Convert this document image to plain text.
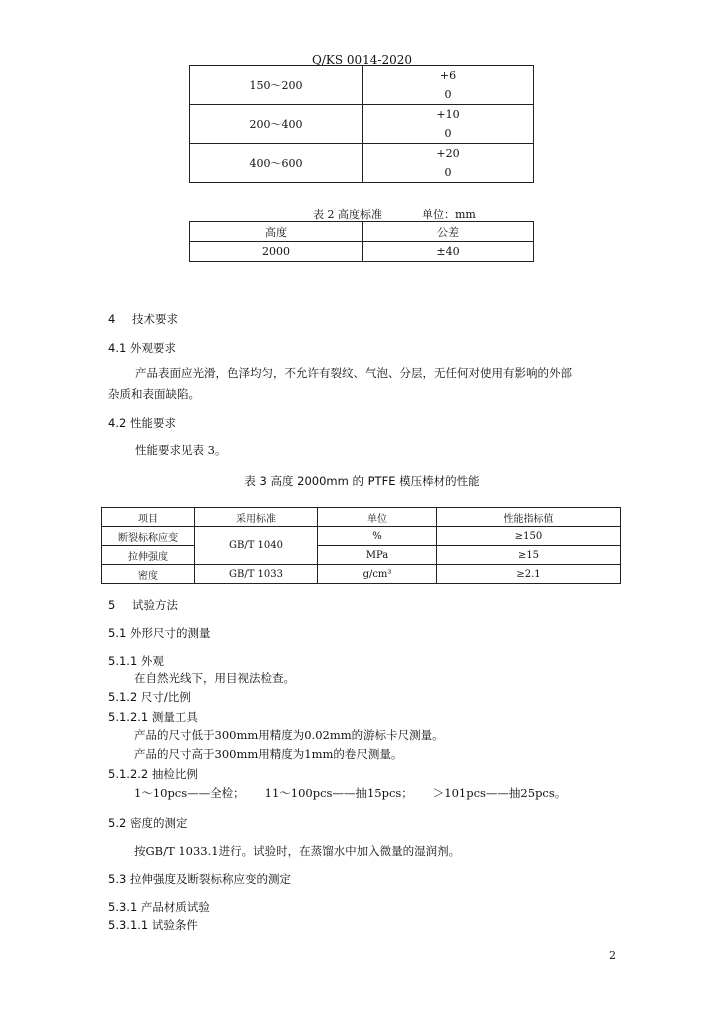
Q/KS 0014-2020
150～200	+6
0

200～400	+10
0

400～600	+20
0
表 2 高度标准	单位：mm
高度	公差
2000	±40
4 技术要求
4.1 外观要求
产品表面应光滑，色泽均匀，不允许有裂纹、气泡、分层，无任何对使用有影响的外部
杂质和表面缺陷。
4.2 性能要求
性能要求见表 3。
表 3 高度 2000mm 的 PTFE 模压棒材的性能
项目	采用标准	单位	性能指标值
断裂标称应变	GB/T 1040	%	≥150
拉伸强度		MPa	≥15
密度	GB/T 1033	g/cm³	≥2.1
5 试验方法
5.1 外形尺寸的测量
5.1.1 外观
在自然光线下，用目视法检查。
5.1.2 尺寸/比例
5.1.2.1 测量工具
产品的尺寸低于300mm用精度为0.02mm的游标卡尺测量。
产品的尺寸高于300mm用精度为1mm的卷尺测量。
5.1.2.2 抽检比例
1～10pcs——全检； 11～100pcs——抽15pcs； ＞101pcs——抽25pcs。
5.2 密度的测定
按GB/T 1033.1进行。试验时，在蒸馏水中加入微量的湿润剂。
5.3 拉伸强度及断裂标称应变的测定
5.3.1 产品材质试验
5.3.1.1 试验条件
2
